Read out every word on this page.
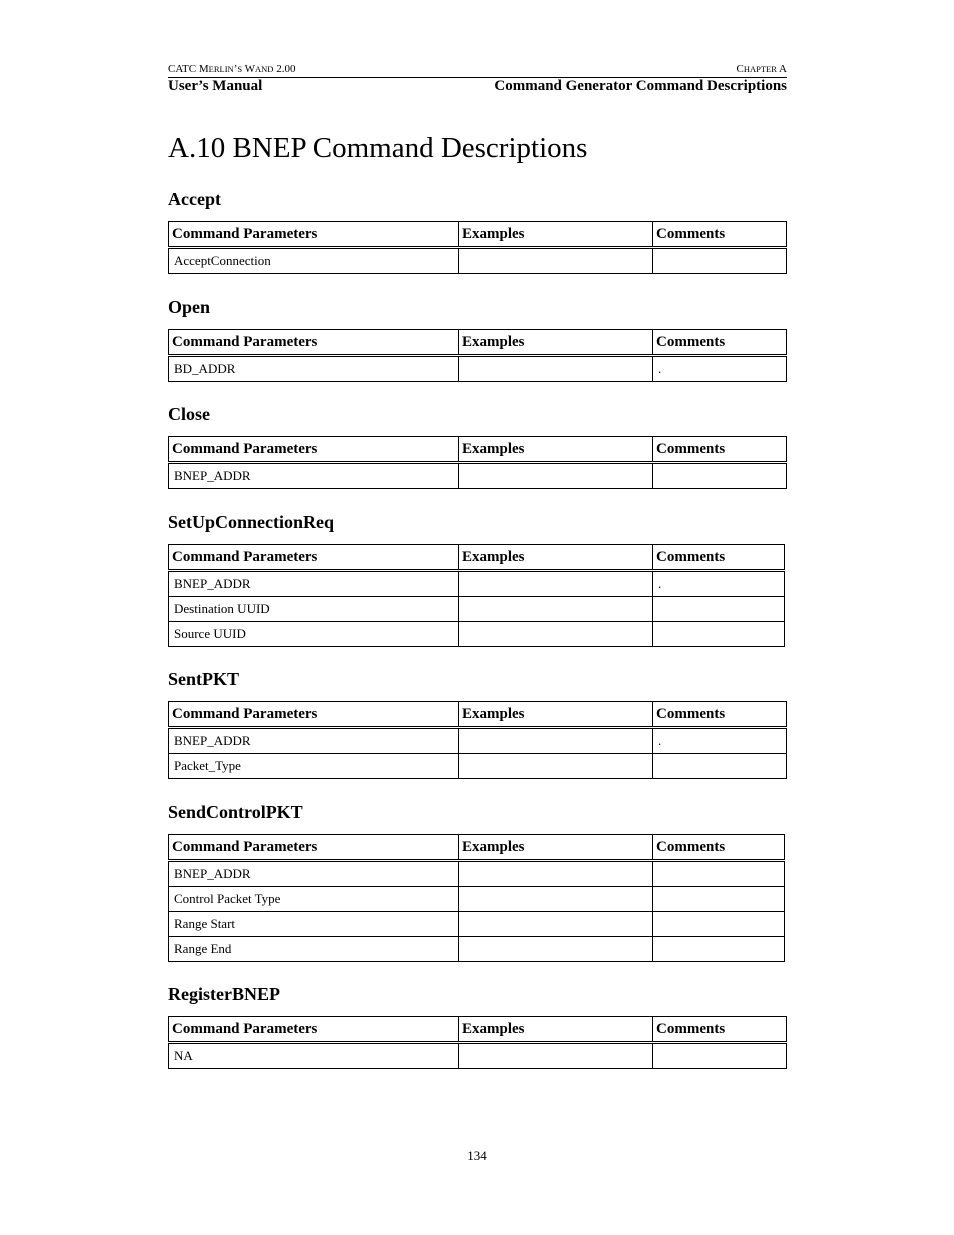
CATC MERLIN’S WAND 2.00	CHAPTER A
User’s Manual	Command Generator Command Descriptions
A.10 BNEP Command Descriptions
Accept
Command Parameters	Examples	Comments
AcceptConnection		
Open
Command Parameters	Examples	Comments
BD_ADDR		.
Close
Command Parameters	Examples	Comments
BNEP_ADDR		
SetUpConnectionReq
Command Parameters	Examples	Comments
BNEP_ADDR		.
Destination UUID		
Source UUID		
SentPKT
Command Parameters	Examples	Comments
BNEP_ADDR		.
Packet_Type		
SendControlPKT
Command Parameters	Examples	Comments
BNEP_ADDR		
Control Packet Type		
Range Start		
Range End		
RegisterBNEP
Command Parameters	Examples	Comments
NA		
134
